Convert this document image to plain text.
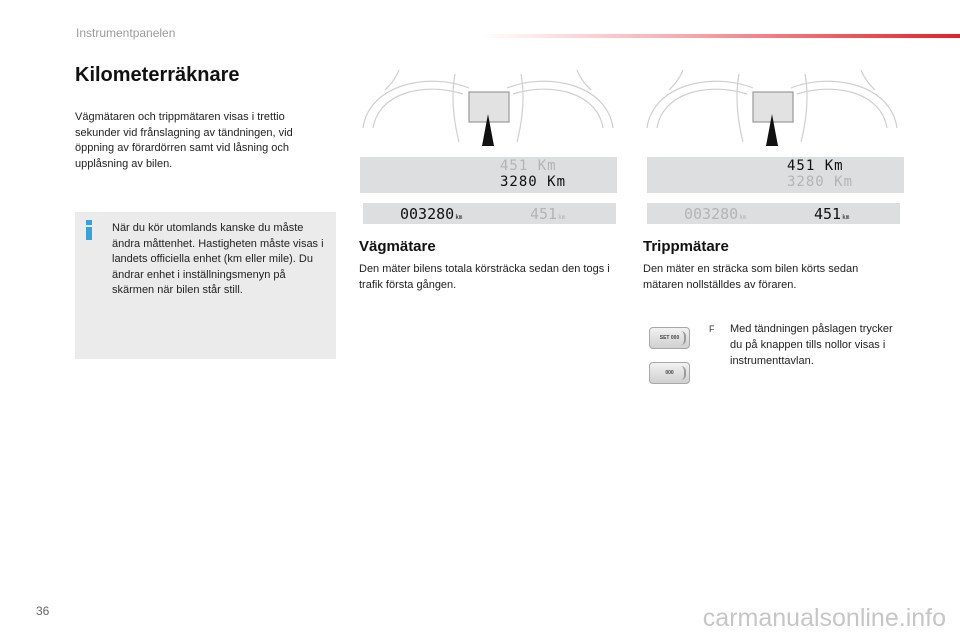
Instrumentpanelen
Kilometerräknare

Vägmätaren och trippmätaren visas i trettio sekunder vid frånslagning av tändningen, vid öppning av förardörren samt vid låsning och upplåsning av bilen.

När du kör utomlands kanske du måste ändra måttenhet. Hastigheten måste visas i landets officiella enhet (km eller mile). Du ändrar enhet i inställningsmenyn på skärmen när bilen står still.

451 Km
3280 Km
003280km	451km
Vägmätare

Den mäter bilens totala körsträcka sedan den togs i trafik första gången.

451 Km
3280 Km
003280km	451km
Trippmätare

Den mäter en sträcka som bilen körts sedan mätaren nollställdes av föraren.

SET 000
000
F Med tändningen påslagen trycker du på knappen tills nollor visas i instrumenttavlan.

36	carmanualsonline.info
